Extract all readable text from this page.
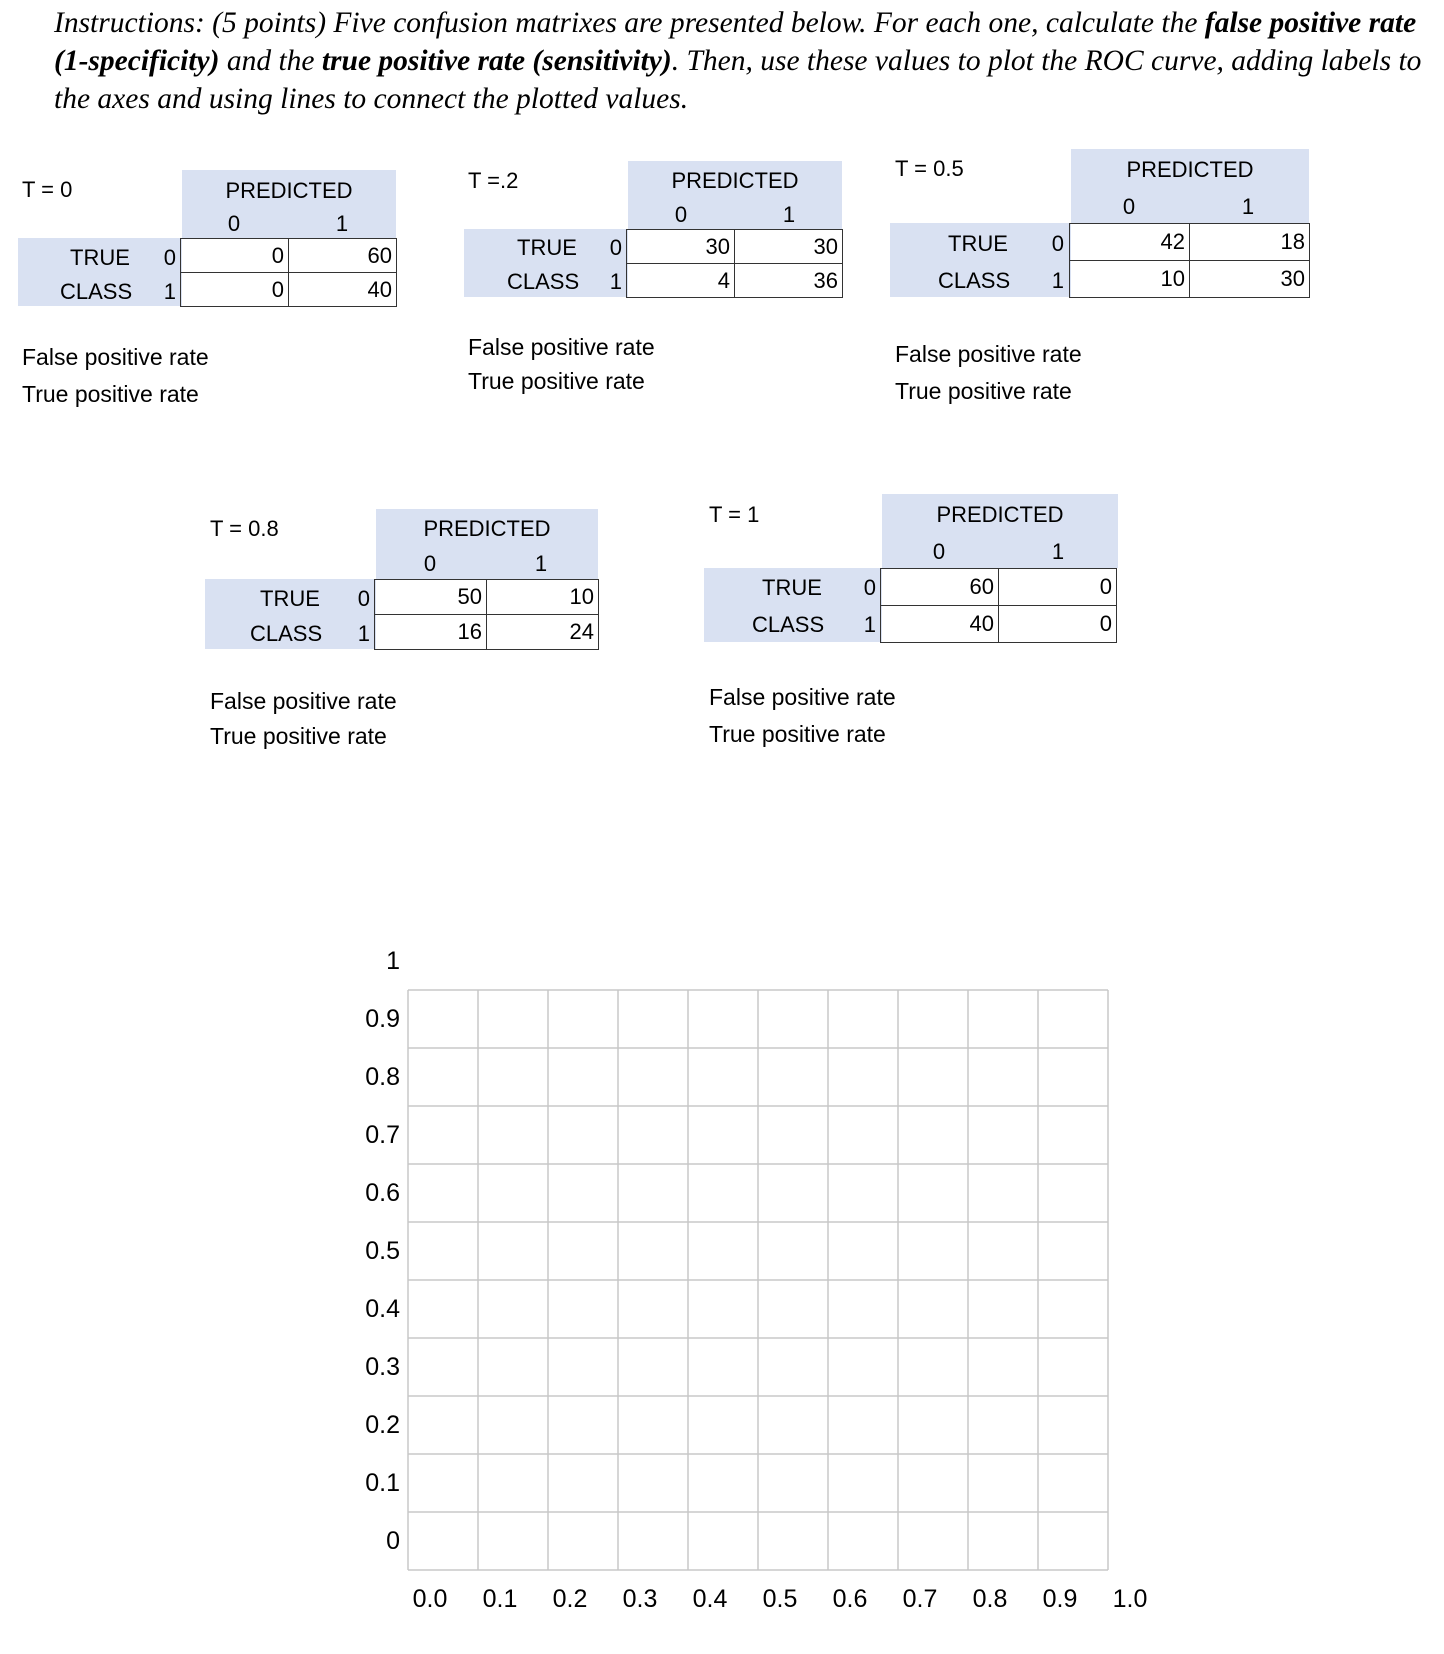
Instructions: (5 points) Five confusion matrixes are presented below. For each one, calculate the false positive rate (1-specificity) and the true positive rate (sensitivity). Then, use these values to plot the ROC curve, adding labels to the axes and using lines to connect the plotted values.

T = 0	PREDICTED
0	1
TRUE
CLASS
0
1
0	60
0	40
False positive rate
True positive rate
T =.2	PREDICTED
0	1
TRUE
CLASS
0
1
30	30
4	36
False positive rate
True positive rate
T = 0.5	PREDICTED
0	1
TRUE
CLASS
0
1
42	18
10	30
False positive rate
True positive rate
T = 0.8	PREDICTED
0	1
TRUE
CLASS
0
1
50	10
16	24
False positive rate
True positive rate
T = 1	PREDICTED
0	1
TRUE
CLASS
0
1
60	0
40	0
False positive rate
True positive rate
1
0.9
0.8
0.7
0.6
0.5
0.4
0.3
0.2
0.1
0
0.0	0.1	0.2	0.3	0.4	0.5	0.6	0.7	0.8	0.9	1.0
